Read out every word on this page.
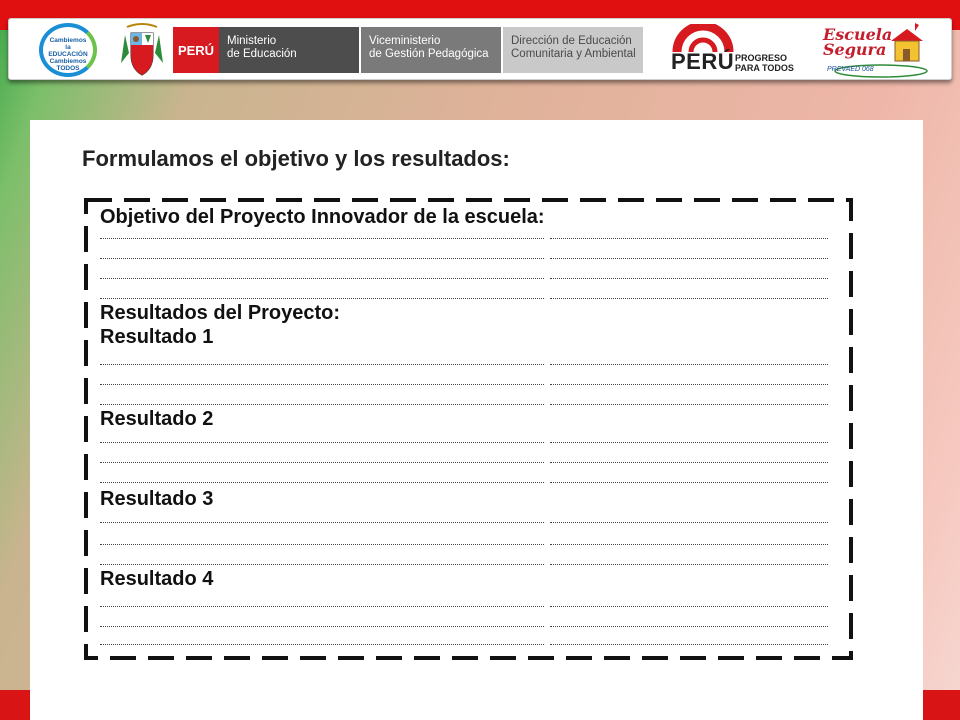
Cambiemos la
EDUCACIÓN
Cambiemos
TODOS
PERÚ
Ministerio
de Educación
Viceministerio
de Gestión Pedagógica
Dirección de Educación
Comunitaria y Ambiental	PERÚ PROGRESO
PARA TODOS
Escuela
Segura
PREVAED 068
Formulamos el objetivo y los resultados:
Objetivo del Proyecto Innovador de la escuela:
Resultados del Proyecto:
Resultado 1
Resultado 2
Resultado 3
Resultado 4
